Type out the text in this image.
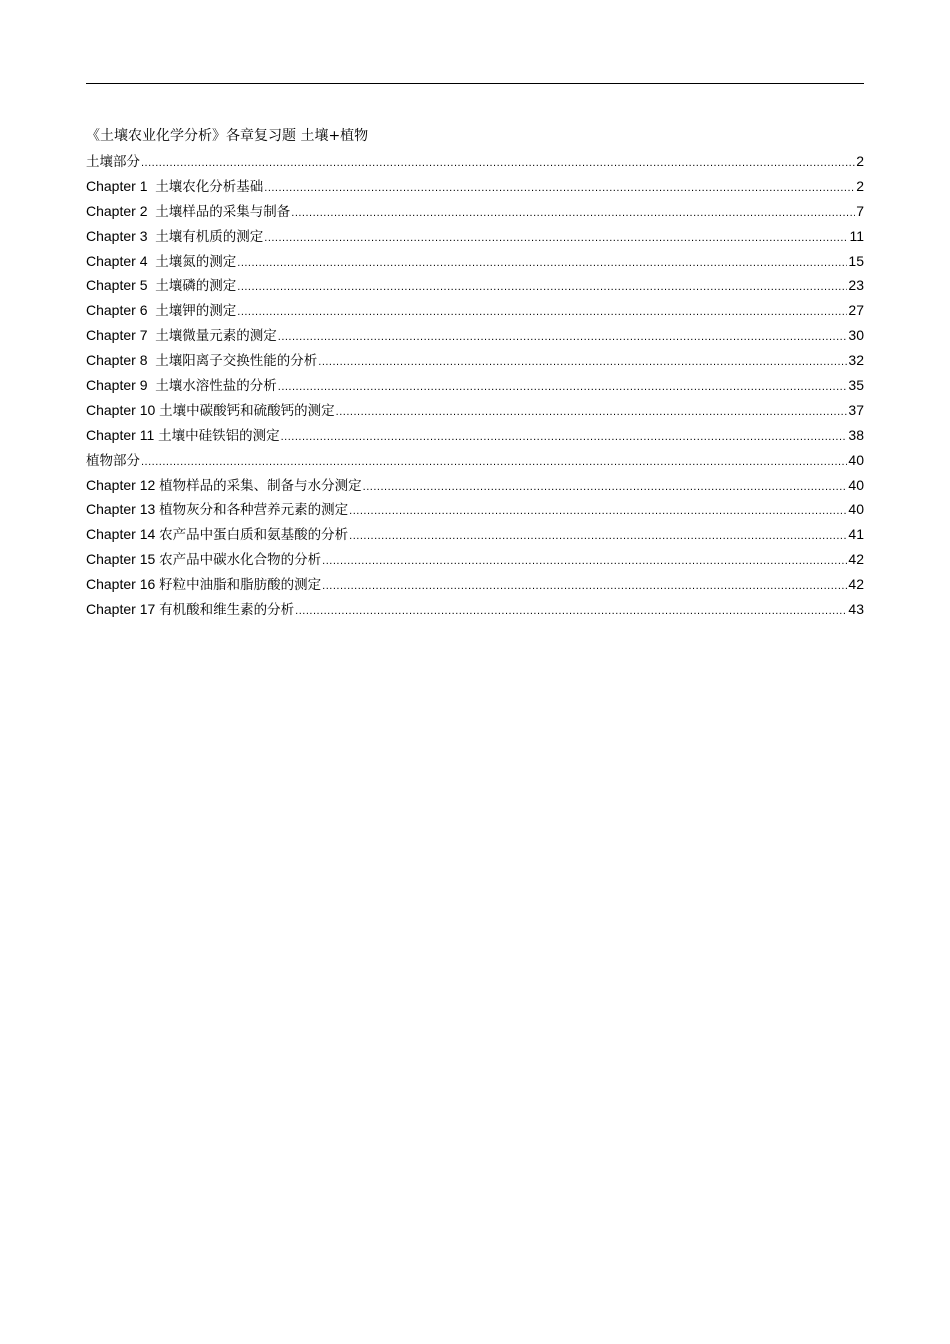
《土壤农业化学分析》各章复习题 土壤+植物
土壤部分 .....	2
Chapter 1 土壤农化分析基础 .....	2
Chapter 2 土壤样品的采集与制备 .....	7
Chapter 3 土壤有机质的测定 .....	11
Chapter 4 土壤氮的测定 .....	15
Chapter 5 土壤磷的测定 .....	23
Chapter 6 土壤钾的测定 .....	27
Chapter 7 土壤微量元素的测定 .....	30
Chapter 8 土壤阳离子交换性能的分析 .....	32
Chapter 9 土壤水溶性盐的分析 .....	35
Chapter 10 土壤中碳酸钙和硫酸钙的测定 .....	37
Chapter 11 土壤中硅铁铝的测定 .....	38
植物部分 .....	40
Chapter 12 植物样品的采集、制备与水分测定 .....	40
Chapter 13 植物灰分和各种营养元素的测定 .....	40
Chapter 14 农产品中蛋白质和氨基酸的分析 .....	41
Chapter 15 农产品中碳水化合物的分析 .....	42
Chapter 16 籽粒中油脂和脂肪酸的测定 .....	42
Chapter 17 有机酸和维生素的分析 .....	43
